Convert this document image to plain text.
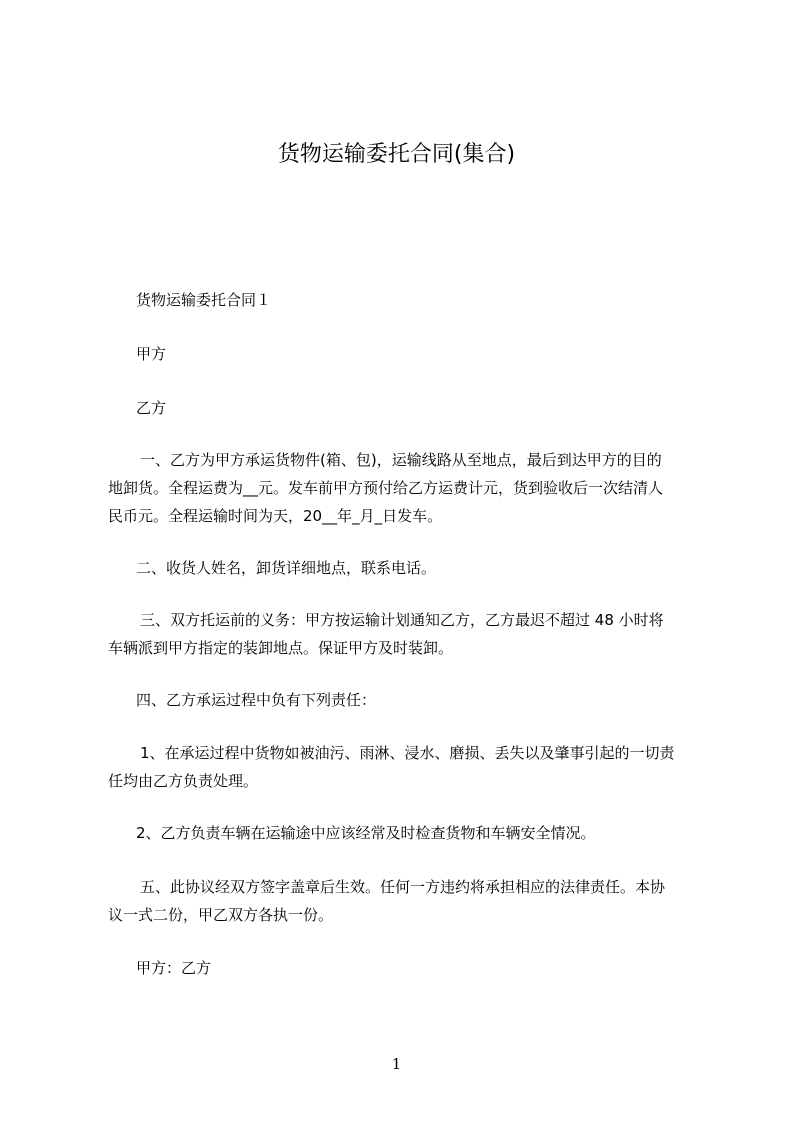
货物运输委托合同(集合)

货物运输委托合同１

甲方

乙方

一、乙方为甲方承运货物件(箱、包)，运输线路从至地点，最后到达甲方的目的
地卸货。全程运费为__元。发车前甲方预付给乙方运费计元，货到验收后一次结清人
民币元。全程运输时间为天，20__年_月_日发车。

二、收货人姓名，卸货详细地点，联系电话。

三、双方托运前的义务：甲方按运输计划通知乙方，乙方最迟不超过 48 小时将
车辆派到甲方指定的装卸地点。保证甲方及时装卸。

四、乙方承运过程中负有下列责任：

1、在承运过程中货物如被油污、雨淋、浸水、磨损、丢失以及肇事引起的一切责
任均由乙方负责处理。

2、乙方负责车辆在运输途中应该经常及时检查货物和车辆安全情况。

五、此协议经双方签字盖章后生效。任何一方违约将承担相应的法律责任。本协
议一式二份，甲乙双方各执一份。

甲方：乙方

1
